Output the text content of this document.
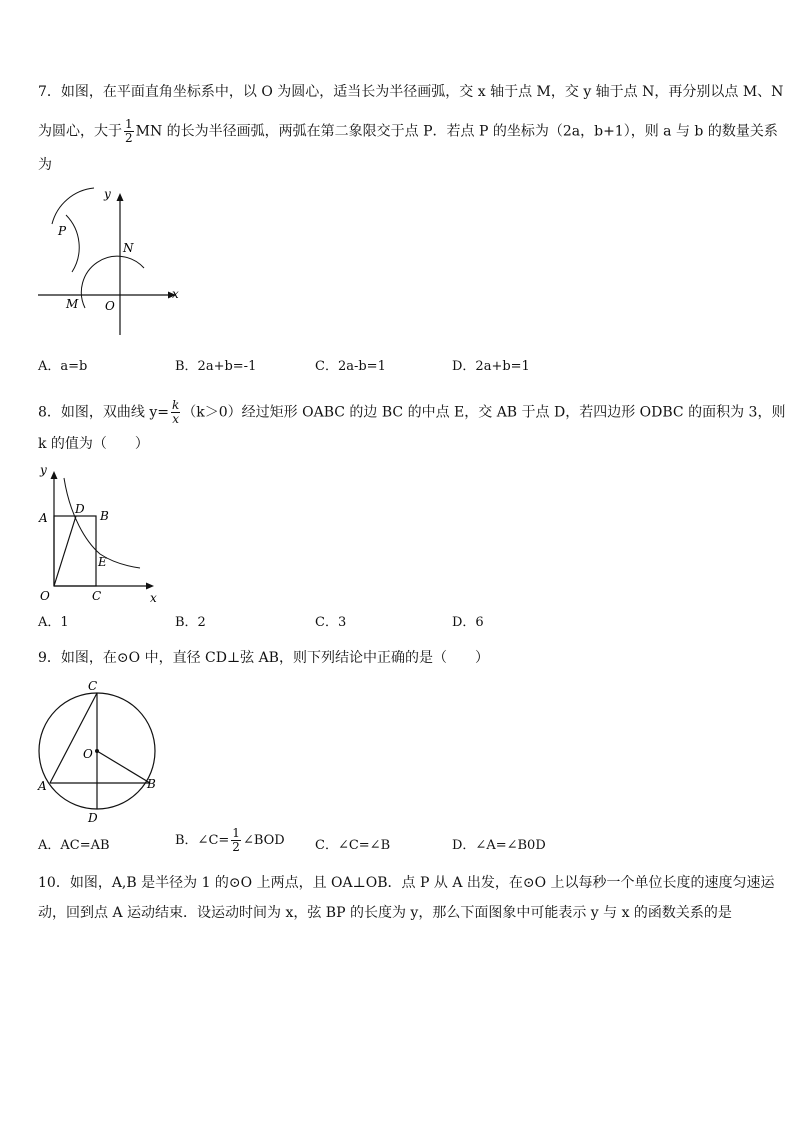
7．如图，在平面直角坐标系中，以 O 为圆心，适当长为半径画弧，交 x 轴于点 M，交 y 轴于点 N，再分别以点 M、N
为圆心，大于 $\frac{1}{2}$ MN 的长为半径画弧，两弧在第二象限交于点 P．若点 P 的坐标为（2a，b+1），则 a 与 b 的数量关系
为
x
y
P
N
M O
A．a=b	B．2a+b=-1	C．2a-b=1	D．2a+b=1
8．如图，双曲线 $y= \frac{k}{x} (k>0)$经过矩形 OABC 的边 BC 的中点 E，交 AB 于点 D，若四边形 ODBC 的面积为 3，则
k 的值为（　　）
y
x
A
D B
E
O	C
A．1	B．2	C．3	D．6
9．如图，在⊙O 中，直径 CD⊥弦 AB，则下列结论中正确的是（　　）
C
O
A	B
D
A．AC=AB	B．∠C= $\frac{1}{2}$ ∠BOD C．∠C=∠B	D．∠A=∠B0D
10．如图，A,B 是半径为 1 的⊙O 上两点，且 OA⊥OB．点 P 从 A 出发，在⊙O 上以每秒一个单位长度的速度匀速运
动，回到点 A 运动结束．设运动时间为 x，弦 BP 的长度为 y，那么下面图象中可能表示 y 与 x 的函数关系的是
